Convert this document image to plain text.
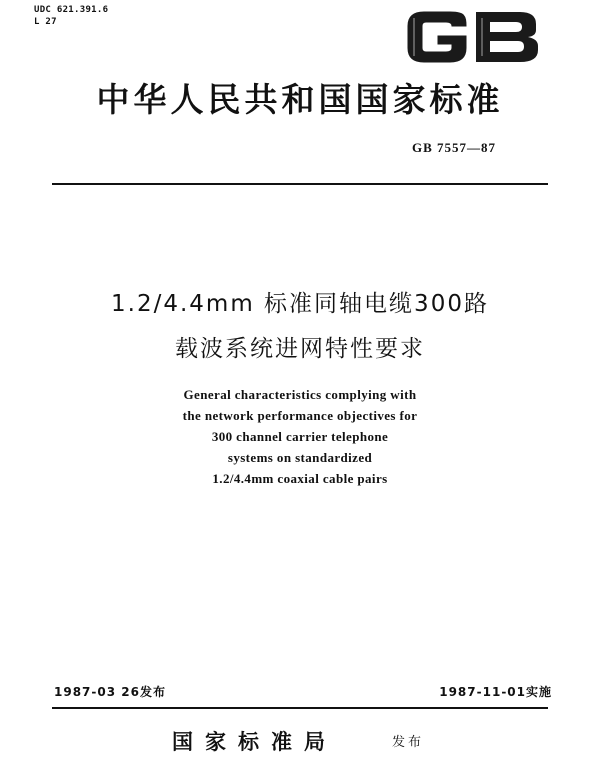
UDC 621.391.6
L 27
中华人民共和国国家标准
GB 7557—87
1.2/4.4mm 标准同轴电缆300路
载波系统进网特性要求
General characteristics complying with
the network performance objectives for
300 channel carrier telephone
systems on standardized
1.2/4.4mm coaxial cable pairs
1987-03 26发布	1987-11-01实施
国家标准局	发布
